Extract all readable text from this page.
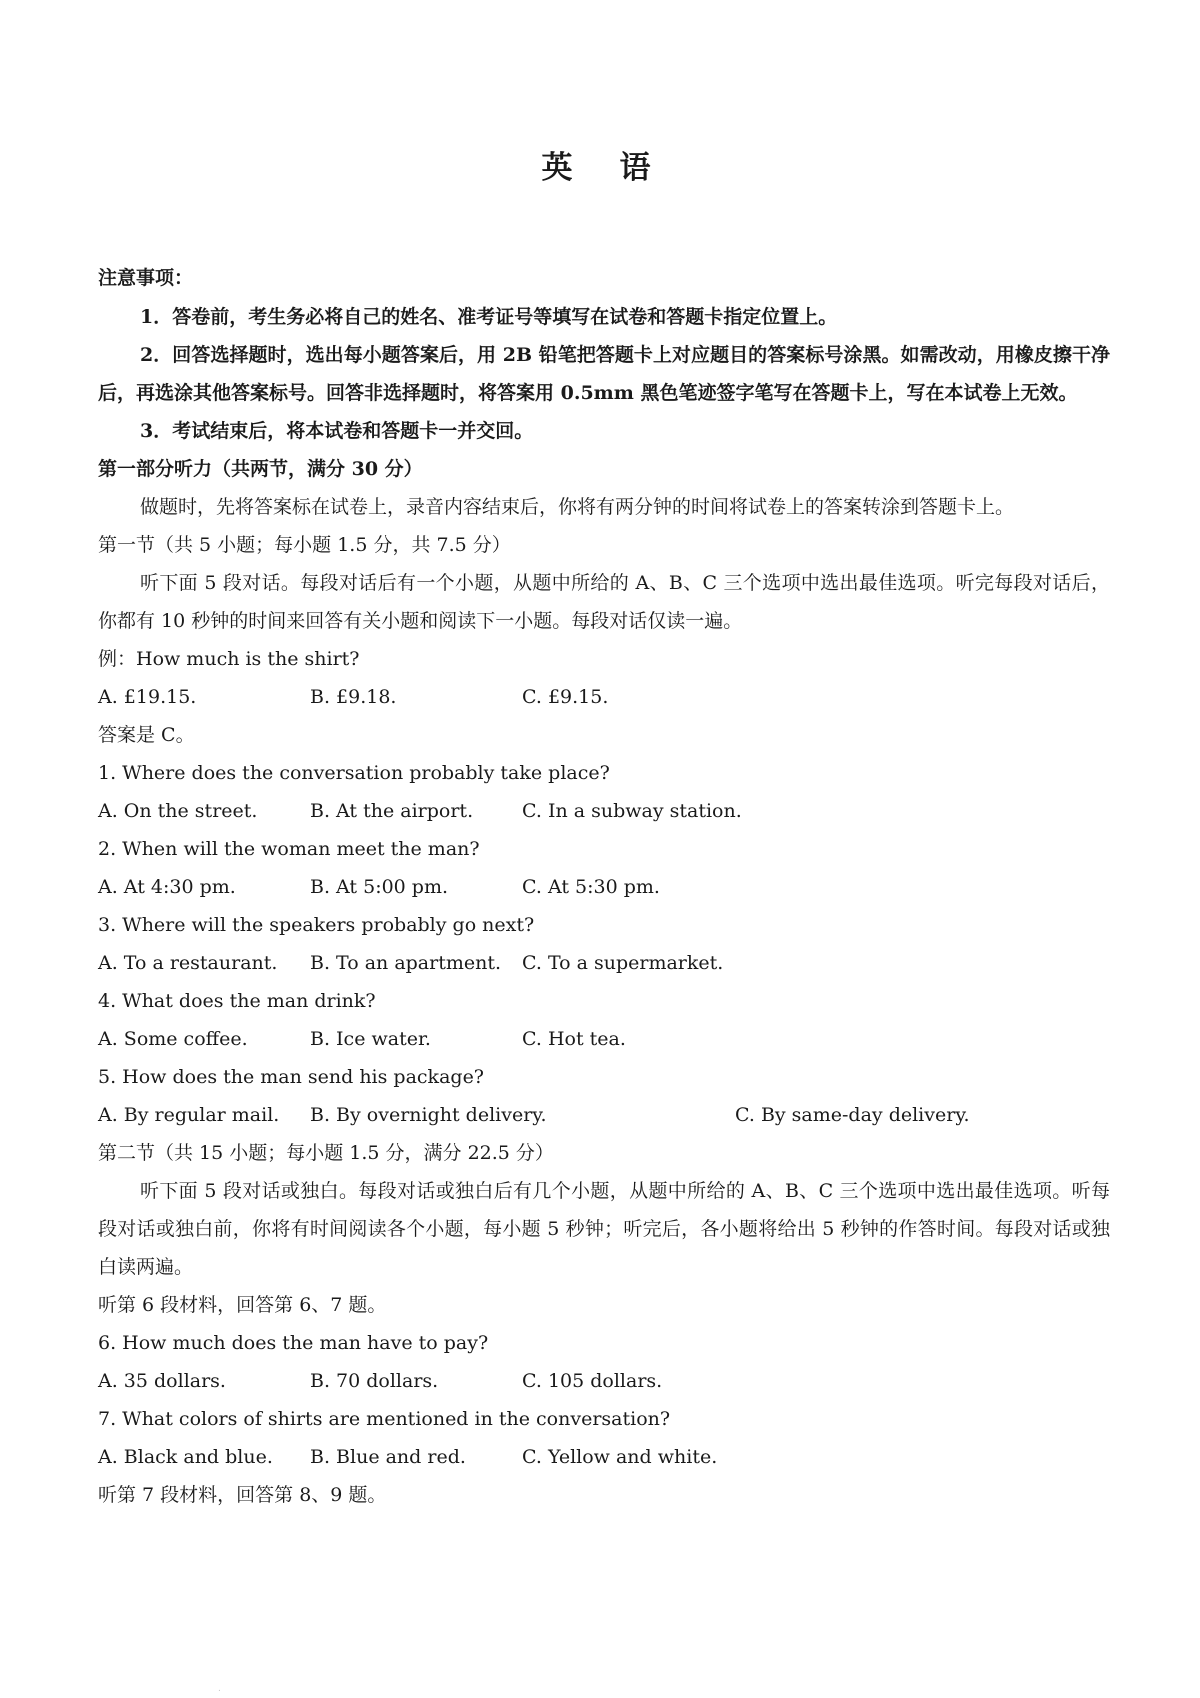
英　语

注意事项：

1．答卷前，考生务必将自己的姓名、准考证号等填写在试卷和答题卡指定位置上。

2．回答选择题时，选出每小题答案后，用 2B 铅笔把答题卡上对应题目的答案标号涂黑。如需改动，用橡皮擦干净后，再选涂其他答案标号。回答非选择题时，将答案用 0.5mm 黑色笔迹签字笔写在答题卡上，写在本试卷上无效。

3．考试结束后，将本试卷和答题卡一并交回。

第一部分听力（共两节，满分 30 分）

做题时，先将答案标在试卷上，录音内容结束后，你将有两分钟的时间将试卷上的答案转涂到答题卡上。

第一节（共 5 小题；每小题 1.5 分，共 7.5 分）

听下面 5 段对话。每段对话后有一个小题，从题中所给的 A、B、C 三个选项中选出最佳选项。听完每段对话后，你都有 10 秒钟的时间来回答有关小题和阅读下一小题。每段对话仅读一遍。

例：How much is the shirt?

A. £19.15.	B. £9.18.	C. £9.15.

答案是 C。

1. Where does the conversation probably take place?

A. On the street.	B. At the airport.	C. In a subway station.

2. When will the woman meet the man?

A. At 4:30 pm.	B. At 5:00 pm.	C. At 5:30 pm.

3. Where will the speakers probably go next?

A. To a restaurant. B. To an apartment. C. To a supermarket.

4. What does the man drink?

A. Some coffee.	B. Ice water.	C. Hot tea.

5. How does the man send his package?

A. By regular mail. B. By overnight delivery.	C. By same-day delivery.

第二节（共 15 小题；每小题 1.5 分，满分 22.5 分）

听下面 5 段对话或独白。每段对话或独白后有几个小题，从题中所给的 A、B、C 三个选项中选出最佳选项。听每段对话或独白前，你将有时间阅读各个小题，每小题 5 秒钟；听完后，各小题将给出 5 秒钟的作答时间。每段对话或独白读两遍。

听第 6 段材料，回答第 6、7 题。

6. How much does the man have to pay?

A. 35 dollars.	B. 70 dollars.	C. 105 dollars.

7. What colors of shirts are mentioned in the conversation?

A. Black and blue. B. Blue and red.	C. Yellow and white.

听第 7 段材料，回答第 8、9 题。

.
